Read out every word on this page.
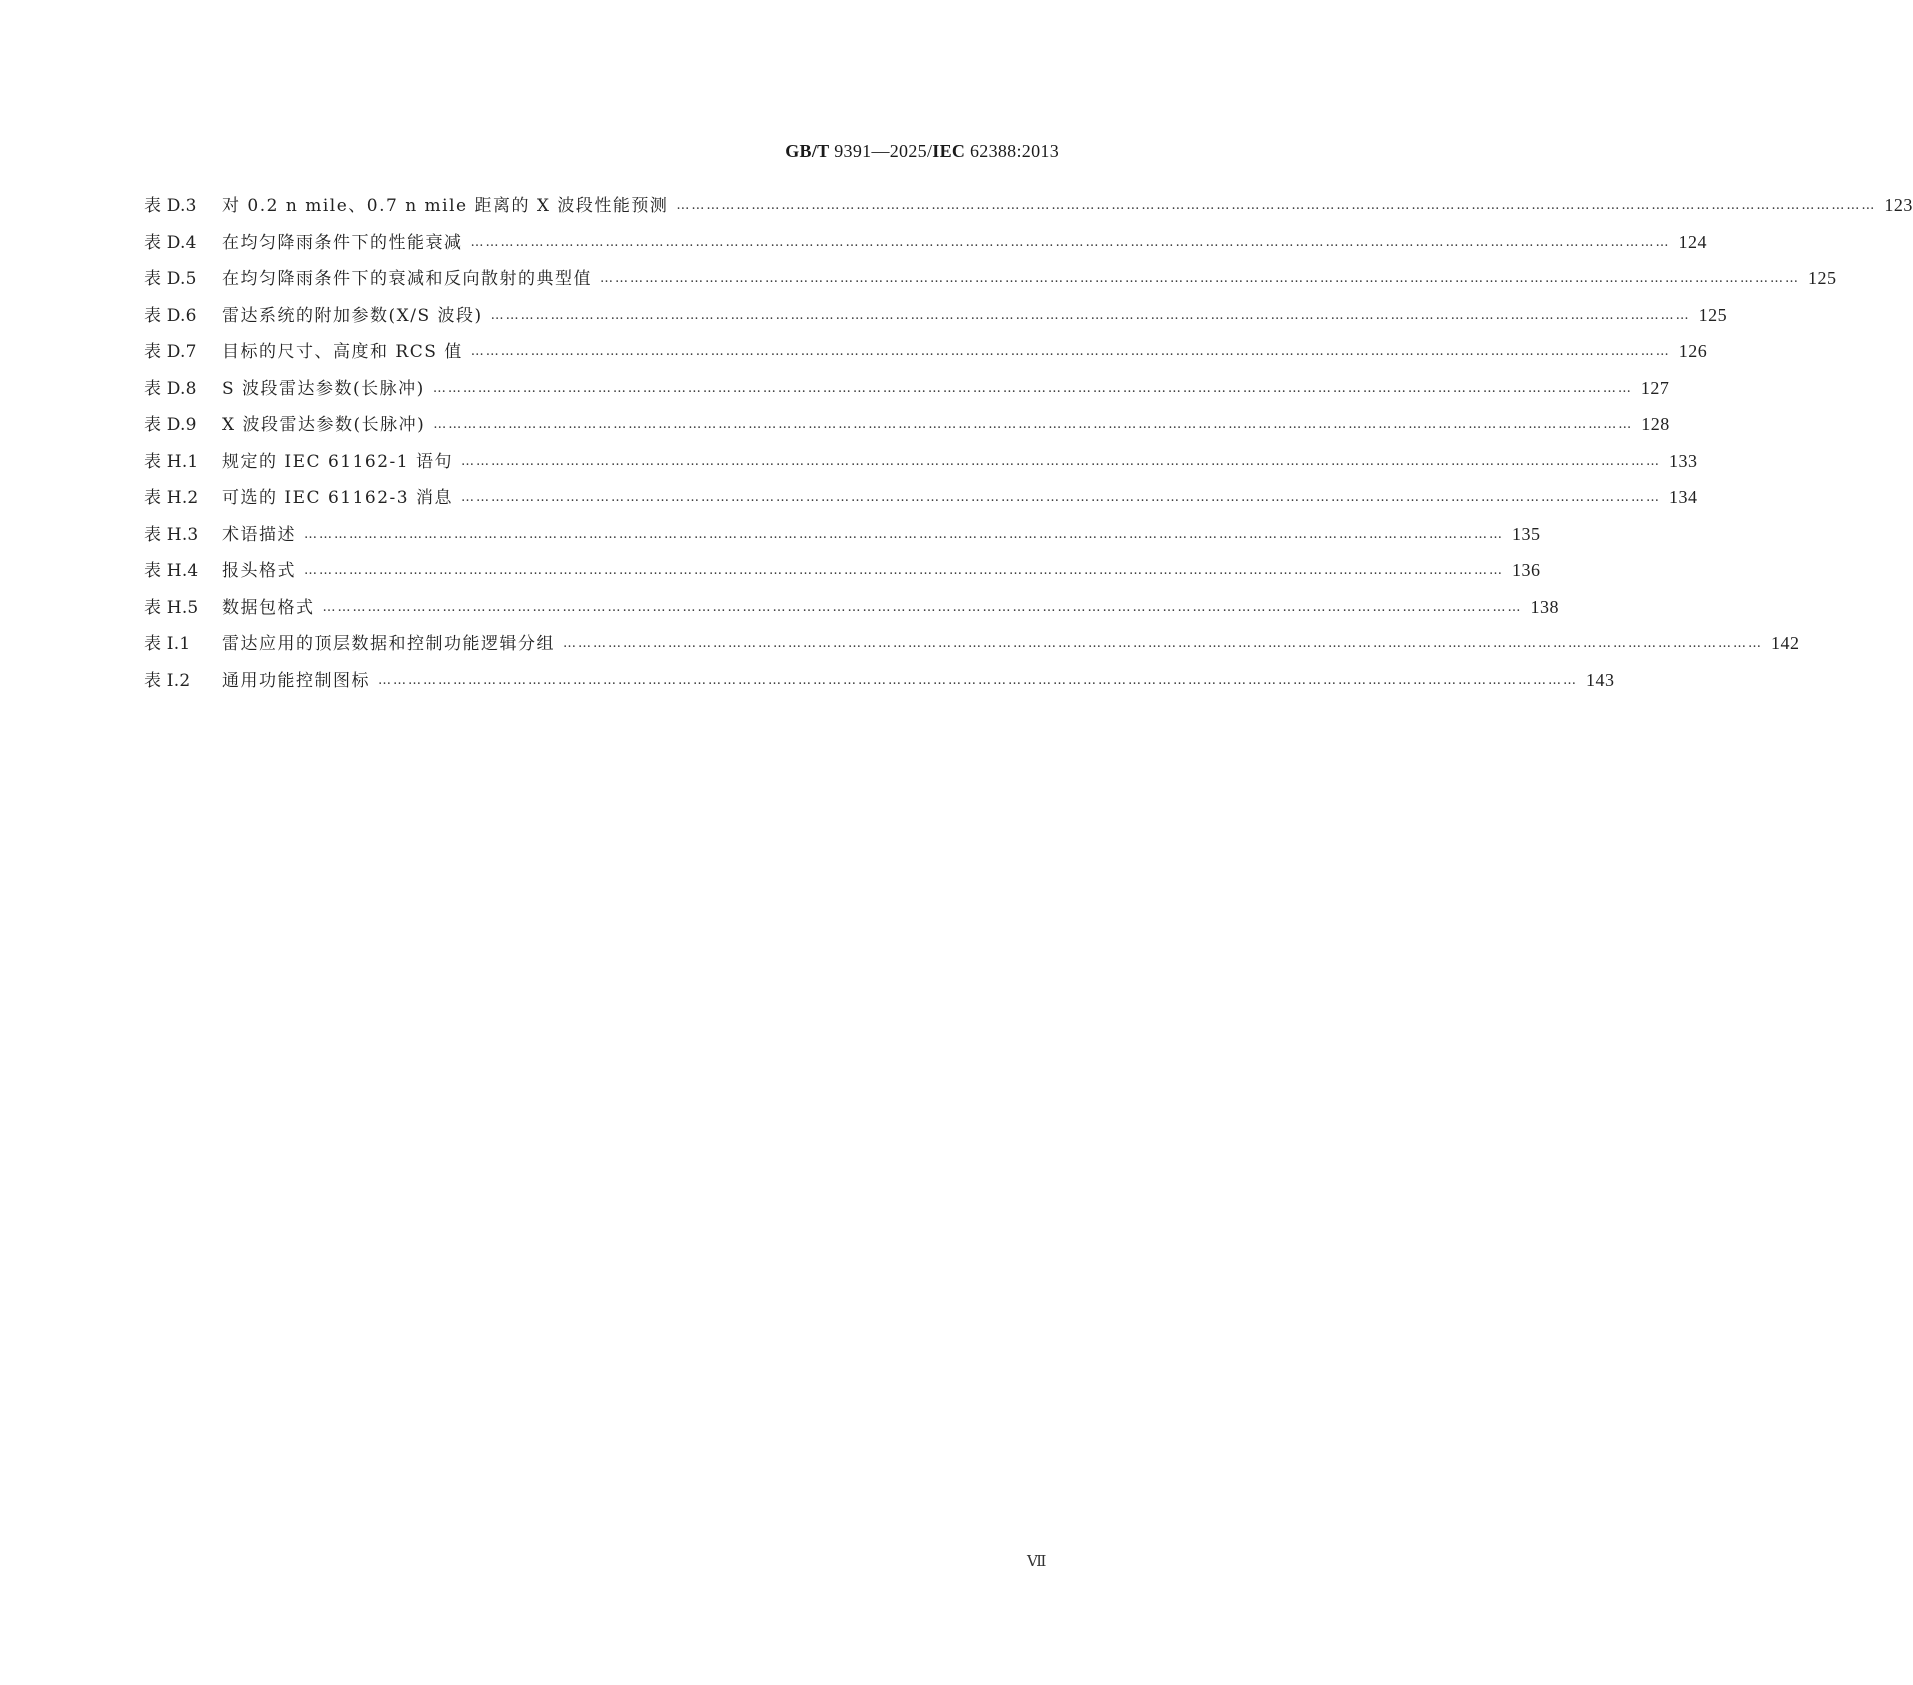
GB/T 9391—2025/IEC 62388:2013
表 D.3	对 0.2 n mile、0.7 n mile 距离的 X 波段性能预测 ……………………………………………………………………………………………………………………………………………………………………………………………………………………	123
表 D.4	在均匀降雨条件下的性能衰减 ……………………………………………………………………………………………………………………………………………………………………………………………………………………	124
表 D.5	在均匀降雨条件下的衰减和反向散射的典型值 ……………………………………………………………………………………………………………………………………………………………………………………………………………………	125
表 D.6	雷达系统的附加参数(X/S 波段) ……………………………………………………………………………………………………………………………………………………………………………………………………………………	125
表 D.7	目标的尺寸、高度和 RCS 值 ……………………………………………………………………………………………………………………………………………………………………………………………………………………	126
表 D.8	S 波段雷达参数(长脉冲) ……………………………………………………………………………………………………………………………………………………………………………………………………………………	127
表 D.9	X 波段雷达参数(长脉冲) ……………………………………………………………………………………………………………………………………………………………………………………………………………………	128
表 H.1	规定的 IEC 61162-1 语句 ……………………………………………………………………………………………………………………………………………………………………………………………………………………	133
表 H.2	可选的 IEC 61162-3 消息 ……………………………………………………………………………………………………………………………………………………………………………………………………………………	134
表 H.3	术语描述 ……………………………………………………………………………………………………………………………………………………………………………………………………………………	135
表 H.4	报头格式 ……………………………………………………………………………………………………………………………………………………………………………………………………………………	136
表 H.5	数据包格式 ……………………………………………………………………………………………………………………………………………………………………………………………………………………	138
表 I.1	雷达应用的顶层数据和控制功能逻辑分组 ……………………………………………………………………………………………………………………………………………………………………………………………………………………	142
表 I.2	通用功能控制图标 ……………………………………………………………………………………………………………………………………………………………………………………………………………………	143
Ⅶ
